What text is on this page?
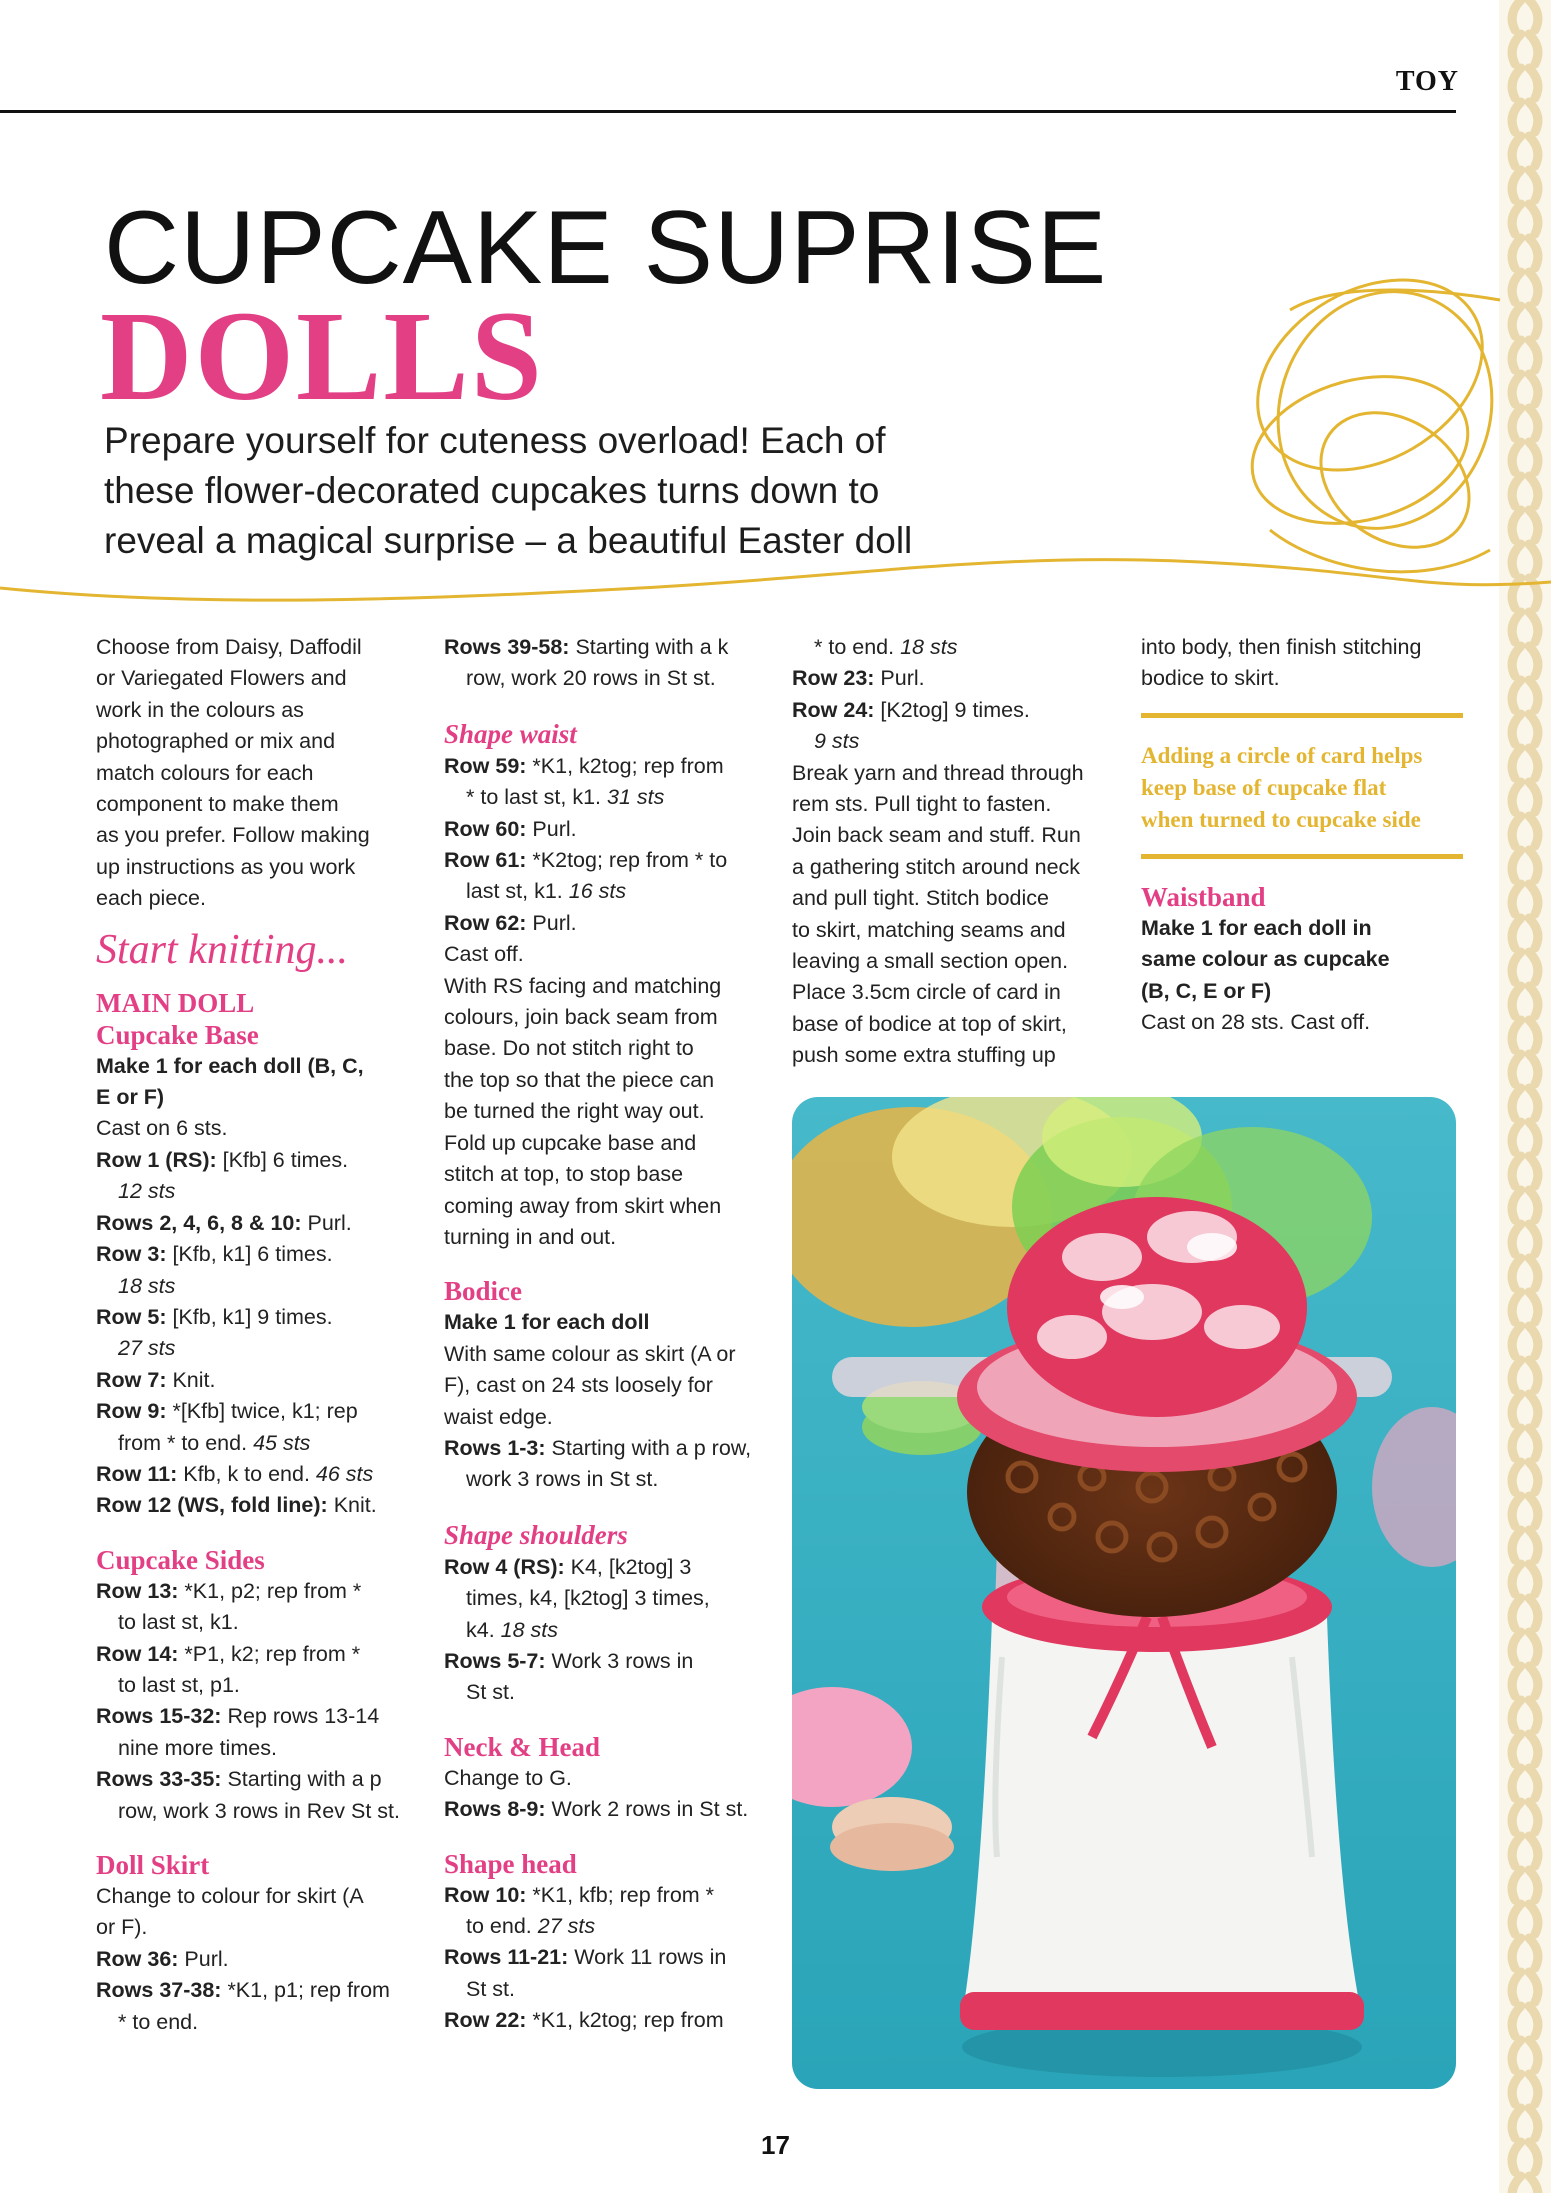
TOY
CUPCAKE SUPRISE
DOLLS
Prepare yourself for cuteness overload! Each of these flower-decorated cupcakes turns down to reveal a magical surprise – a beautiful Easter doll

Choose from Daisy, Daffodil

or Variegated Flowers and

work in the colours as

photographed or mix and

match colours for each

component to make them

as you prefer. Follow making

up instructions as you work

each piece.

Start knitting...

MAIN DOLL

Cupcake Base

Make 1 for each doll (B, C,

E or F)

Cast on 6 sts.

Row 1 (RS): [Kfb] 6 times.

12 sts

Rows 2, 4, 6, 8 & 10: Purl.

Row 3: [Kfb, k1] 6 times.

18 sts

Row 5: [Kfb, k1] 9 times.

27 sts

Row 7: Knit.

Row 9: *[Kfb] twice, k1; rep

from * to end. 45 sts

Row 11: Kfb, k to end. 46 sts

Row 12 (WS, fold line): Knit.

Cupcake Sides

Row 13: *K1, p2; rep from *

to last st, k1.

Row 14: *P1, k2; rep from *

to last st, p1.

Rows 15-32: Rep rows 13-14

nine more times.

Rows 33-35: Starting with a p

row, work 3 rows in Rev St st.

Doll Skirt

Change to colour for skirt (A

or F).

Row 36: Purl.

Rows 37-38: *K1, p1; rep from

* to end.

Rows 39-58: Starting with a k

row, work 20 rows in St st.

Shape waist

Row 59: *K1, k2tog; rep from

* to last st, k1. 31 sts

Row 60: Purl.

Row 61: *K2tog; rep from * to

last st, k1. 16 sts

Row 62: Purl.

Cast off.

With RS facing and matching

colours, join back seam from

base. Do not stitch right to

the top so that the piece can

be turned the right way out.

Fold up cupcake base and

stitch at top, to stop base

coming away from skirt when

turning in and out.

Bodice

Make 1 for each doll

With same colour as skirt (A or

F), cast on 24 sts loosely for

waist edge.

Rows 1-3: Starting with a p row,

work 3 rows in St st.

Shape shoulders

Row 4 (RS): K4, [k2tog] 3

times, k4, [k2tog] 3 times,

k4. 18 sts

Rows 5-7: Work 3 rows in

St st.

Neck & Head

Change to G.

Rows 8-9: Work 2 rows in St st.

Shape head

Row 10: *K1, kfb; rep from *

to end. 27 sts

Rows 11-21: Work 11 rows in

St st.

Row 22: *K1, k2tog; rep from

* to end. 18 sts

Row 23: Purl.

Row 24: [K2tog] 9 times.

9 sts

Break yarn and thread through

rem sts. Pull tight to fasten.

Join back seam and stuff. Run

a gathering stitch around neck

and pull tight. Stitch bodice

to skirt, matching seams and

leaving a small section open.

Place 3.5cm circle of card in

base of bodice at top of skirt,

push some extra stuffing up

into body, then finish stitching

bodice to skirt.

Adding a circle of card helps

keep base of cupcake flat

when turned to cupcake side

Waistband

Make 1 for each doll in

same colour as cupcake

(B, C, E or F)

Cast on 28 sts. Cast off.

17
